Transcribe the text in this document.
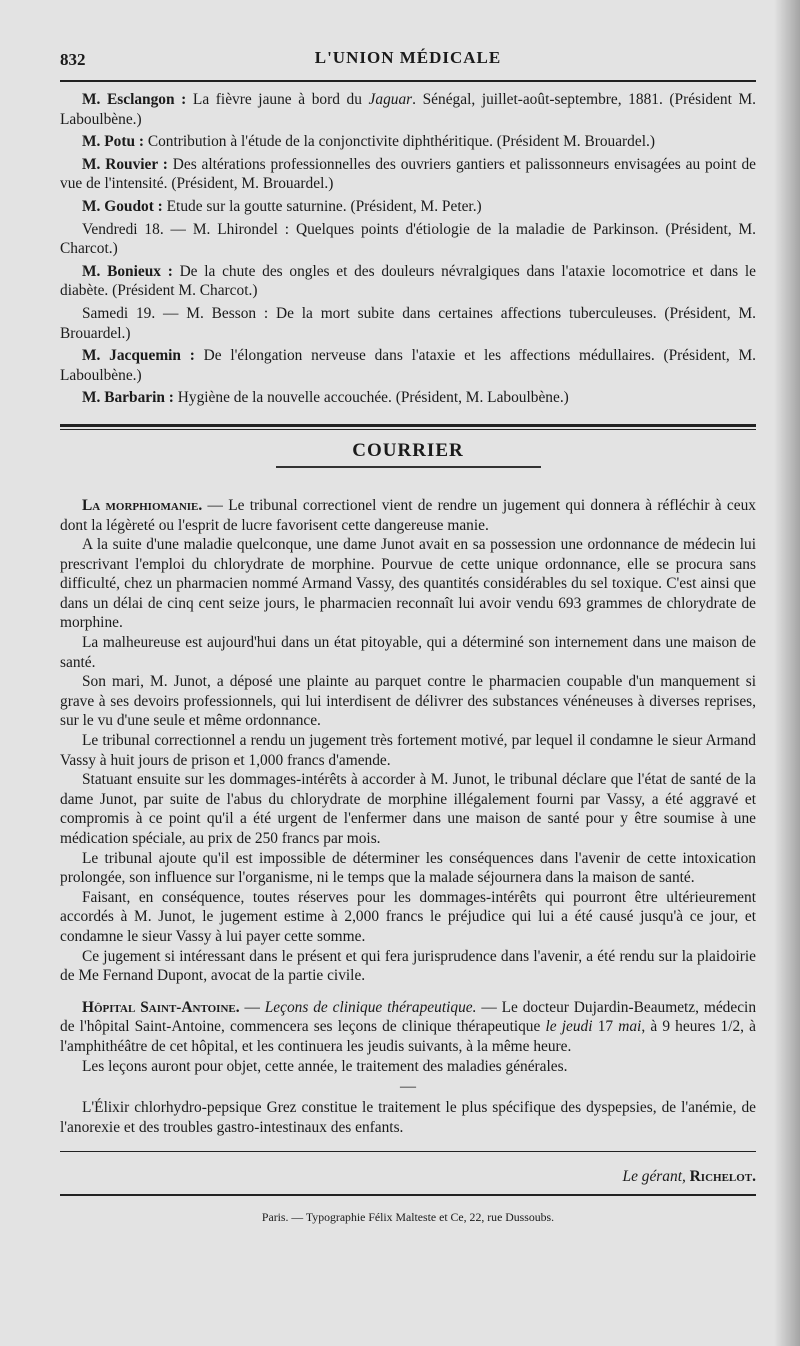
832	L'UNION MÉDICALE

M. Esclangon : La fièvre jaune à bord du Jaguar. Sénégal, juillet-août-septembre, 1881. (Président M. Laboulbène.)

M. Potu : Contribution à l'étude de la conjonctivite diphthéritique. (Président M. Brouardel.)

M. Rouvier : Des altérations professionnelles des ouvriers gantiers et palissonneurs envisagées au point de vue de l'intensité. (Président, M. Brouardel.)

M. Goudot : Etude sur la goutte saturnine. (Président, M. Peter.)

Vendredi 18. — M. Lhirondel : Quelques points d'étiologie de la maladie de Parkinson. (Président, M. Charcot.)

M. Bonieux : De la chute des ongles et des douleurs névralgiques dans l'ataxie locomotrice et dans le diabète. (Président M. Charcot.)

Samedi 19. — M. Besson : De la mort subite dans certaines affections tuberculeuses. (Président, M. Brouardel.)

M. Jacquemin : De l'élongation nerveuse dans l'ataxie et les affections médullaires. (Président, M. Laboulbène.)

M. Barbarin : Hygiène de la nouvelle accouchée. (Président, M. Laboulbène.)

COURRIER

La morphiomanie. — Le tribunal correctionel vient de rendre un jugement qui donnera à réfléchir à ceux dont la légèreté ou l'esprit de lucre favorisent cette dangereuse manie.

A la suite d'une maladie quelconque, une dame Junot avait en sa possession une ordonnance de médecin lui prescrivant l'emploi du chlorydrate de morphine. Pourvue de cette unique ordonnance, elle se procura sans difficulté, chez un pharmacien nommé Armand Vassy, des quantités considérables du sel toxique. C'est ainsi que dans un délai de cinq cent seize jours, le pharmacien reconnaît lui avoir vendu 693 grammes de chlorydrate de morphine.

La malheureuse est aujourd'hui dans un état pitoyable, qui a déterminé son internement dans une maison de santé.

Son mari, M. Junot, a déposé une plainte au parquet contre le pharmacien coupable d'un manquement si grave à ses devoirs professionnels, qui lui interdisent de délivrer des substances vénéneuses à diverses reprises, sur le vu d'une seule et même ordonnance.

Le tribunal correctionnel a rendu un jugement très fortement motivé, par lequel il condamne le sieur Armand Vassy à huit jours de prison et 1,000 francs d'amende.

Statuant ensuite sur les dommages-intérêts à accorder à M. Junot, le tribunal déclare que l'état de santé de la dame Junot, par suite de l'abus du chlorydrate de morphine illégalement fourni par Vassy, a été aggravé et compromis à ce point qu'il a été urgent de l'enfermer dans une maison de santé pour y être soumise à une médication spéciale, au prix de 250 francs par mois.

Le tribunal ajoute qu'il est impossible de déterminer les conséquences dans l'avenir de cette intoxication prolongée, son influence sur l'organisme, ni le temps que la malade séjournera dans la maison de santé.

Faisant, en conséquence, toutes réserves pour les dommages-intérêts qui pourront être ultérieurement accordés à M. Junot, le jugement estime à 2,000 francs le préjudice qui lui a été causé jusqu'à ce jour, et condamne le sieur Vassy à lui payer cette somme.

Ce jugement si intéressant dans le présent et qui fera jurisprudence dans l'avenir, a été rendu sur la plaidoirie de Me Fernand Dupont, avocat de la partie civile.

Hôpital Saint-Antoine. — Leçons de clinique thérapeutique. — Le docteur Dujardin-Beaumetz, médecin de l'hôpital Saint-Antoine, commencera ses leçons de clinique thérapeutique le jeudi 17 mai, à 9 heures 1/2, à l'amphithéâtre de cet hôpital, et les continuera les jeudis suivants, à la même heure.

Les leçons auront pour objet, cette année, le traitement des maladies générales.

—

L'Élixir chlorhydro-pepsique Grez constitue le traitement le plus spécifique des dyspepsies, de l'anémie, de l'anorexie et des troubles gastro-intestinaux des enfants.

Le gérant, Richelot.
Paris. — Typographie Félix Malteste et Ce, 22, rue Dussoubs.
